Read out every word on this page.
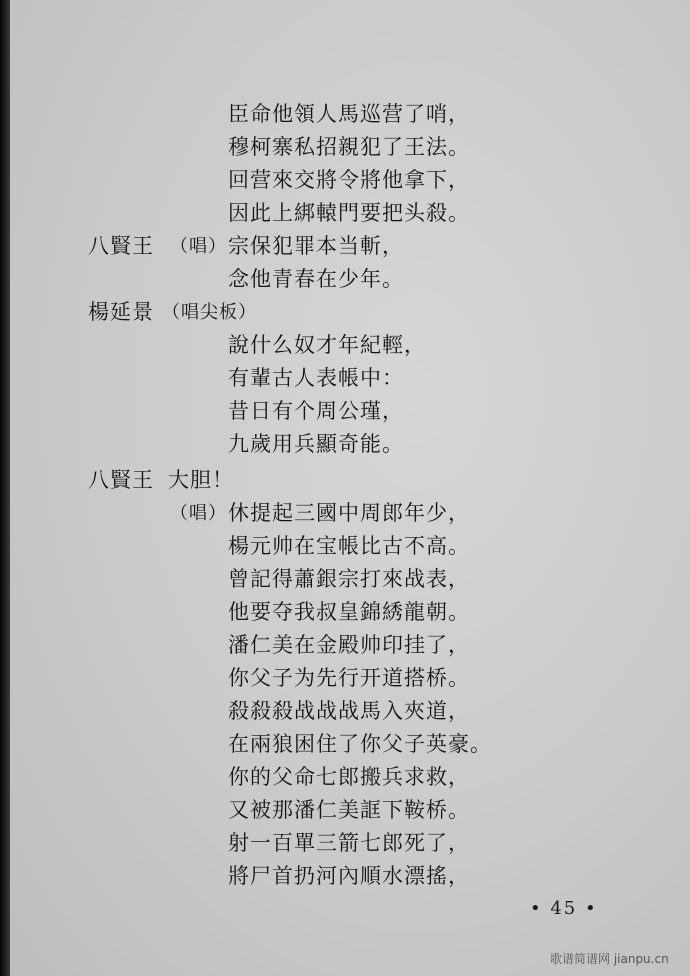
臣命他領人馬巡营了哨，
穆柯寨私招親犯了王法。
回营來交將令將他拿下，
因此上綁轅門要把头殺。
八賢王 （唱） 宗保犯罪本当斬，
念他青春在少年。
楊延景 （唱尖板）
說什么奴才年紀輕，
有輩古人表帳中：
昔日有个周公瑾，
九歲用兵顯奇能。
八賢王 大胆！
（唱） 休提起三國中周郎年少，
楊元帅在宝帳比古不高。
曾記得蕭銀宗打來战表，
他要夺我叔皇錦綉龍朝。
潘仁美在金殿帅印挂了，
你父子为先行开道搭桥。
殺殺殺战战战馬入夾道，
在兩狼困住了你父子英豪。
你的父命七郎搬兵求救，
又被那潘仁美誆下鞍桥。
射一百單三箭七郎死了，
將尸首扔河內順水漂搖，
• 45 •
歌谱简谱网 jianpu.cn
